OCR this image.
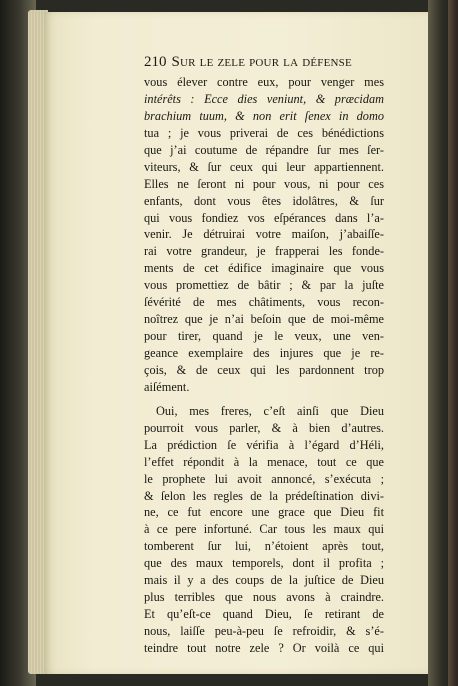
210 Sur le zele pour la défense
vous élever contre eux, pour venger mes
intérêts : Ecce dies veniunt, & præcidam
brachium tuum, & non erit ſenex in domo
tua ; je vous priverai de ces bénédictions
que j’ai coutume de répandre ſur mes ſer-
viteurs, & ſur ceux qui leur appartiennent.
Elles ne ſeront ni pour vous, ni pour ces
enfants, dont vous êtes idolâtres, & ſur
qui vous fondiez vos eſpérances dans l’a-
venir. Je détruirai votre maiſon, j’abaiſſe-
rai votre grandeur, je frapperai les fonde-
ments de cet édifice imaginaire que vous
vous promettiez de bâtir ; & par la juſte
ſévérité de mes châtiments, vous recon-
noîtrez que je n’ai beſoin que de moi-même
pour tirer, quand je le veux, une ven-
geance exemplaire des injures que je re-
çois, & de ceux qui les pardonnent trop
aiſément.
Oui, mes freres, c’eſt ainſi que Dieu
pourroit vous parler, & à bien d’autres.
La prédiction ſe vérifia à l’égard d’Héli,
l’effet répondit à la menace, tout ce que
le prophete lui avoit annoncé, s’exécuta ;
& ſelon les regles de la prédeſtination divi-
ne, ce fut encore une grace que Dieu fit
à ce pere infortuné. Car tous les maux qui
tomberent ſur lui, n’étoient après tout,
que des maux temporels, dont il profita ;
mais il y a des coups de la juſtice de Dieu
plus terribles que nous avons à craindre.
Et qu’eſt-ce quand Dieu, ſe retirant de
nous, laiſſe peu-à-peu ſe refroidir, & s’é-
teindre tout notre zele ? Or voilà ce qui
